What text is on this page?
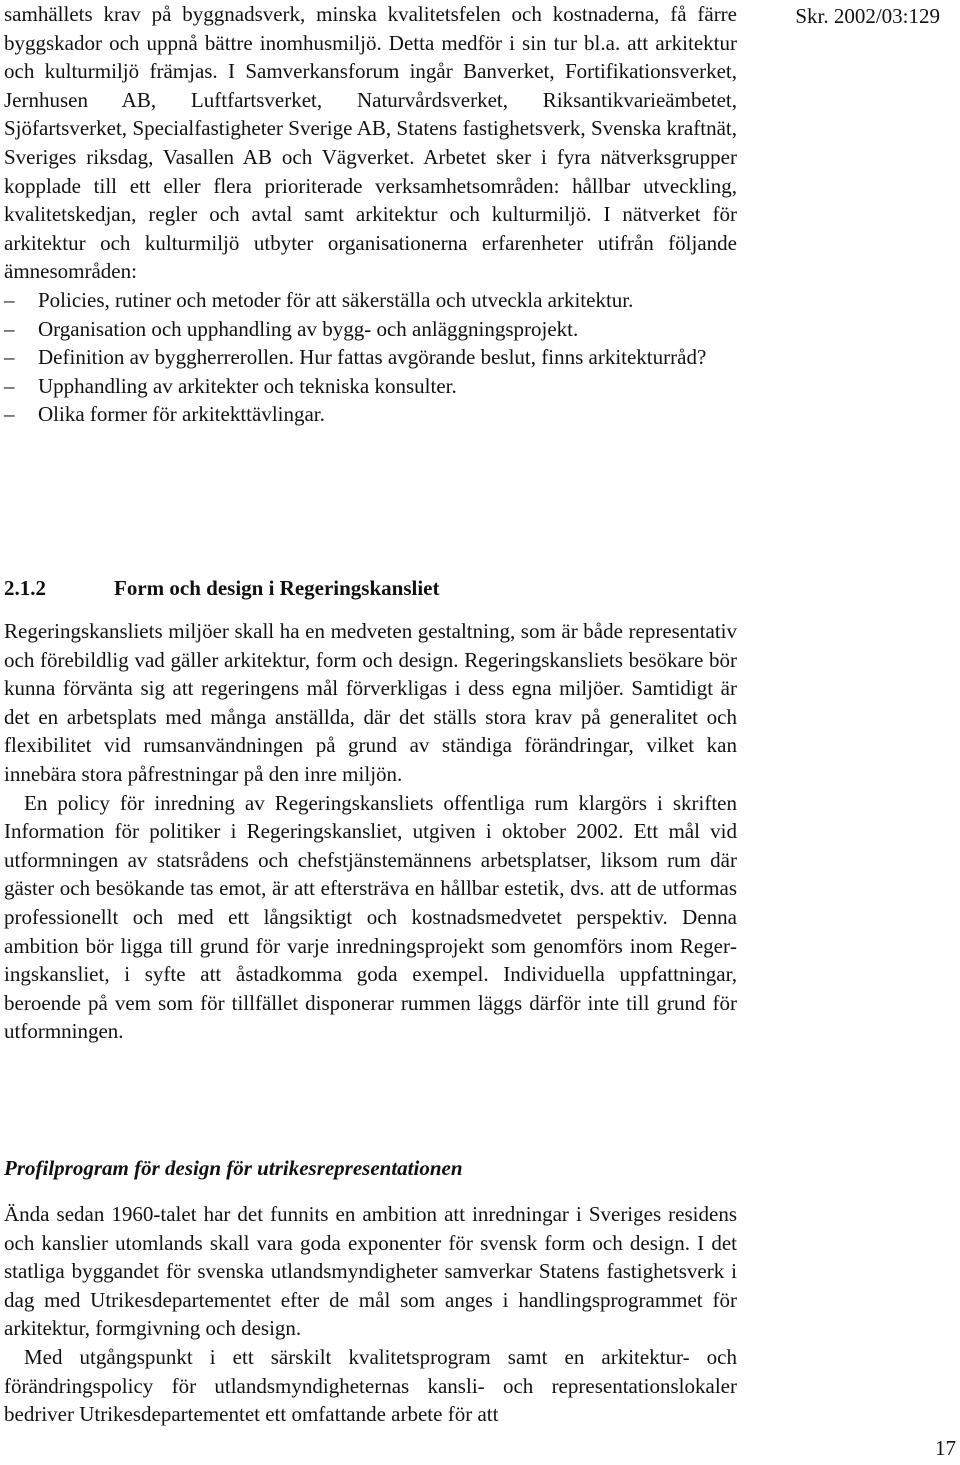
Skr. 2002/03:129

samhällets krav på byggnadsverk, minska kvalitetsfelen och kostnaderna, få färre byggskador och uppnå bättre inomhusmiljö. Detta medför i sin tur bl.a. att arkitektur och kulturmiljö främjas. I Samverkansforum ingår Banverket, Fortifikationsverket, Jernhusen AB, Luftfartsverket, Naturvårdsverket, Riksantikvarieämbetet, Sjöfartsverket, Specialfastigheter Sverige AB, Statens fastighetsverk, Svenska kraftnät, Sveriges riksdag, Vasallen AB och Vägverket. Arbetet sker i fyra nätverksgrupper kopplade till ett eller flera prioriterade verksamhetsområden: hållbar utveckling, kvalitetskedjan, regler och avtal samt arkitektur och kulturmiljö. I nätverket för arkitektur och kulturmiljö utbyter organisationerna erfarenheter utifrån följande ämnesområden:

– Policies, rutiner och metoder för att säkerställa och utveckla arkitektur.
– Organisation och upphandling av bygg- och anläggningsprojekt.
– Definition av byggherrerollen. Hur fattas avgörande beslut, finns arkitekturråd?
– Upphandling av arkitekter och tekniska konsulter.
– Olika former för arkitekttävlingar.
2.1.2	Form och design i Regeringskansliet

Regeringskansliets miljöer skall ha en medveten gestaltning, som är både representativ och förebildlig vad gäller arkitektur, form och design. Regeringskansliets besökare bör kunna förvänta sig att regeringens mål förverkligas i dess egna miljöer. Samtidigt är det en arbetsplats med många anställda, där det ställs stora krav på generalitet och flexibilitet vid rumsanvändningen på grund av ständiga förändringar, vilket kan innebära stora påfrestningar på den inre miljön.

En policy för inredning av Regeringskansliets offentliga rum klargörs i skriften Information för politiker i Regeringskansliet, utgiven i oktober 2002. Ett mål vid utformningen av statsrådens och chefstjänstemännens arbetsplatser, liksom rum där gäster och besökande tas emot, är att eftersträva en hållbar estetik, dvs. att de utformas professionellt och med ett långsiktigt och kostnadsmedvetet perspektiv. Denna ambition bör ligga till grund för varje inredningsprojekt som genomförs inom Regeringskansliet, i syfte att åstadkomma goda exempel. Individuella uppfattningar, beroende på vem som för tillfället disponerar rummen läggs därför inte till grund för utformningen.

Profilprogram för design för utrikesrepresentationen

Ända sedan 1960-talet har det funnits en ambition att inredningar i Sveriges residens och kanslier utomlands skall vara goda exponenter för svensk form och design. I det statliga byggandet för svenska utlandsmyndigheter samverkar Statens fastighetsverk i dag med Utrikesdepartementet efter de mål som anges i handlingsprogrammet för arkitektur, formgivning och design.

Med utgångspunkt i ett särskilt kvalitetsprogram samt en arkitektur- och förändringspolicy för utlandsmyndigheternas kansli- och representationslokaler bedriver Utrikesdepartementet ett omfattande arbete för att

17
